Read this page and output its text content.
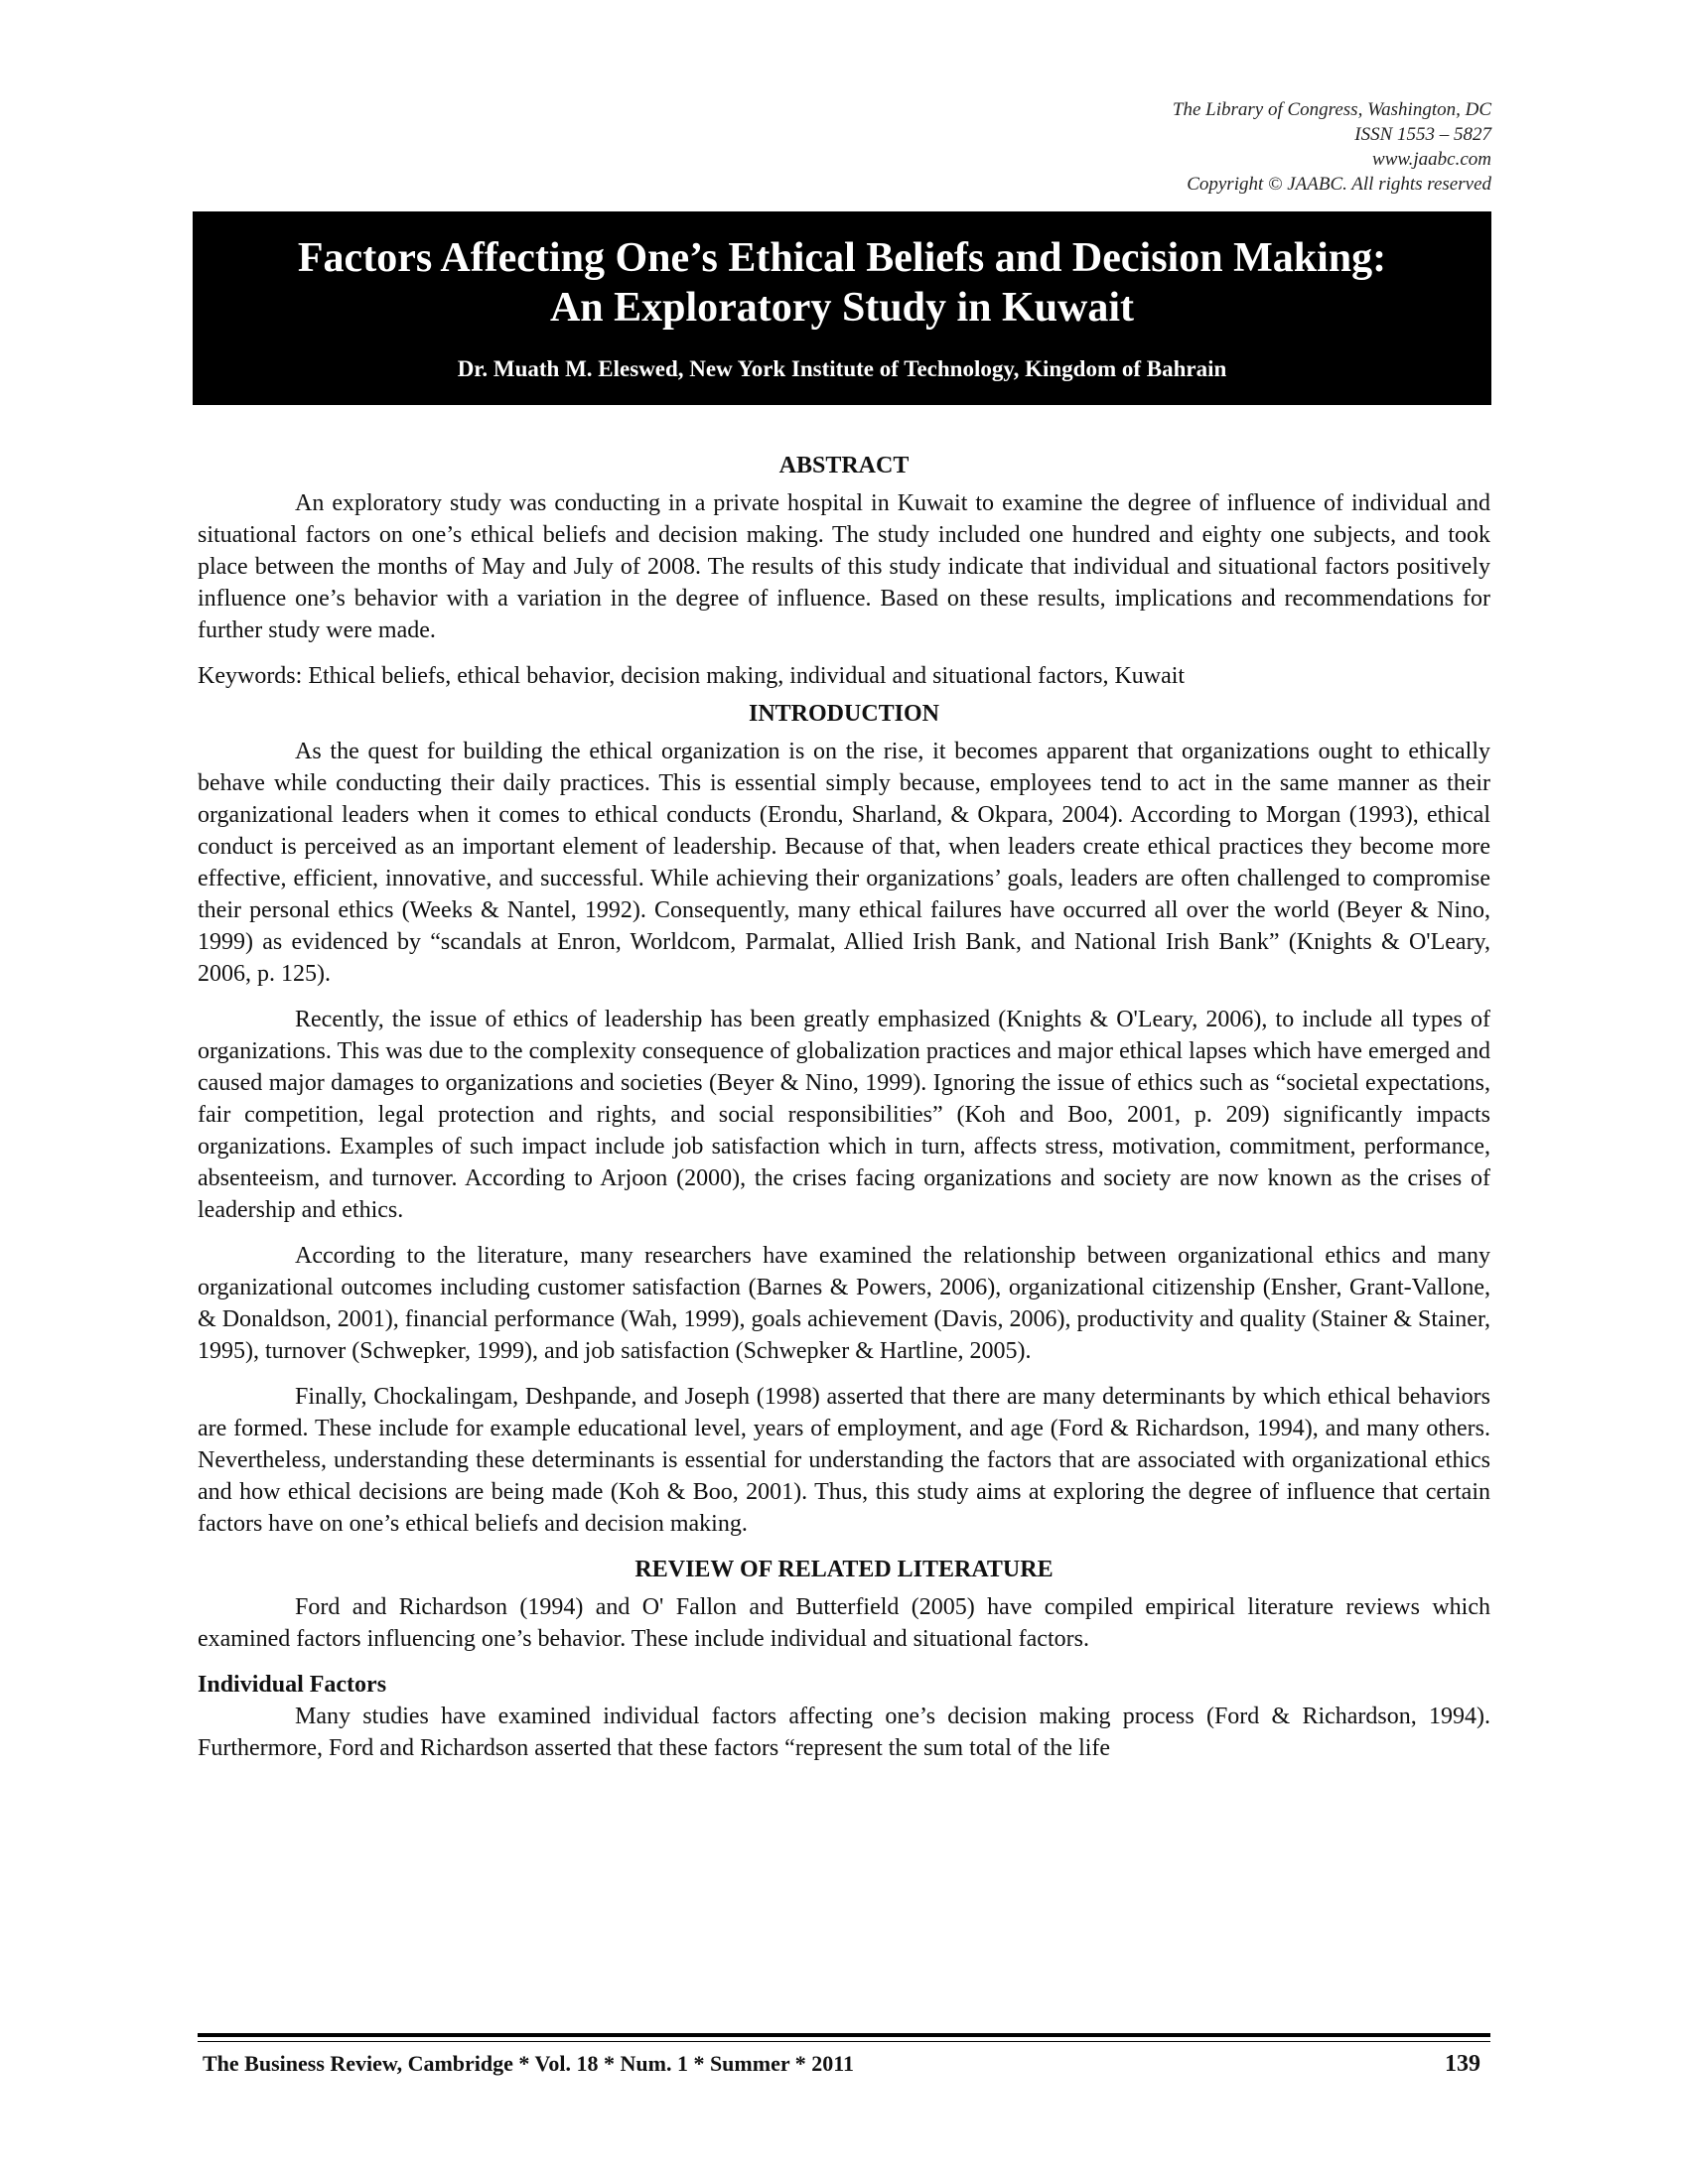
The Library of Congress, Washington, DC
ISSN 1553 – 5827
www.jaabc.com
Copyright © JAABC. All rights reserved
Factors Affecting One’s Ethical Beliefs and Decision Making:
An Exploratory Study in Kuwait
Dr. Muath M. Eleswed, New York Institute of Technology, Kingdom of Bahrain
ABSTRACT

An exploratory study was conducting in a private hospital in Kuwait to examine the degree of influence of individual and situational factors on one’s ethical beliefs and decision making. The study included one hundred and eighty one subjects, and took place between the months of May and July of 2008. The results of this study indicate that individual and situational factors positively influence one’s behavior with a variation in the degree of influence. Based on these results, implications and recommendations for further study were made.

Keywords: Ethical beliefs, ethical behavior, decision making, individual and situational factors, Kuwait

INTRODUCTION

As the quest for building the ethical organization is on the rise, it becomes apparent that organizations ought to ethically behave while conducting their daily practices. This is essential simply because, employees tend to act in the same manner as their organizational leaders when it comes to ethical conducts (Erondu, Sharland, & Okpara, 2004). According to Morgan (1993), ethical conduct is perceived as an important element of leadership. Because of that, when leaders create ethical practices they become more effective, efficient, innovative, and successful. While achieving their organizations’ goals, leaders are often challenged to compromise their personal ethics (Weeks & Nantel, 1992). Consequently, many ethical failures have occurred all over the world (Beyer & Nino, 1999) as evidenced by “scandals at Enron, Worldcom, Parmalat, Allied Irish Bank, and National Irish Bank” (Knights & O'Leary, 2006, p. 125).

Recently, the issue of ethics of leadership has been greatly emphasized (Knights & O'Leary, 2006), to include all types of organizations. This was due to the complexity consequence of globalization practices and major ethical lapses which have emerged and caused major damages to organizations and societies (Beyer & Nino, 1999). Ignoring the issue of ethics such as “societal expectations, fair competition, legal protection and rights, and social responsibilities” (Koh and Boo, 2001, p. 209) significantly impacts organizations. Examples of such impact include job satisfaction which in turn, affects stress, motivation, commitment, performance, absenteeism, and turnover. According to Arjoon (2000), the crises facing organizations and society are now known as the crises of leadership and ethics.

According to the literature, many researchers have examined the relationship between organizational ethics and many organizational outcomes including customer satisfaction (Barnes & Powers, 2006), organizational citizenship (Ensher, Grant-Vallone, & Donaldson, 2001), financial performance (Wah, 1999), goals achievement (Davis, 2006), productivity and quality (Stainer & Stainer, 1995), turnover (Schwepker, 1999), and job satisfaction (Schwepker & Hartline, 2005).

Finally, Chockalingam, Deshpande, and Joseph (1998) asserted that there are many determinants by which ethical behaviors are formed. These include for example educational level, years of employment, and age (Ford & Richardson, 1994), and many others. Nevertheless, understanding these determinants is essential for understanding the factors that are associated with organizational ethics and how ethical decisions are being made (Koh & Boo, 2001). Thus, this study aims at exploring the degree of influence that certain factors have on one’s ethical beliefs and decision making.

REVIEW OF RELATED LITERATURE

Ford and Richardson (1994) and O' Fallon and Butterfield (2005) have compiled empirical literature reviews which examined factors influencing one’s behavior. These include individual and situational factors.

Individual Factors

Many studies have examined individual factors affecting one’s decision making process (Ford & Richardson, 1994). Furthermore, Ford and Richardson asserted that these factors “represent the sum total of the life

The Business Review, Cambridge * Vol. 18 * Num. 1 * Summer * 2011	139
